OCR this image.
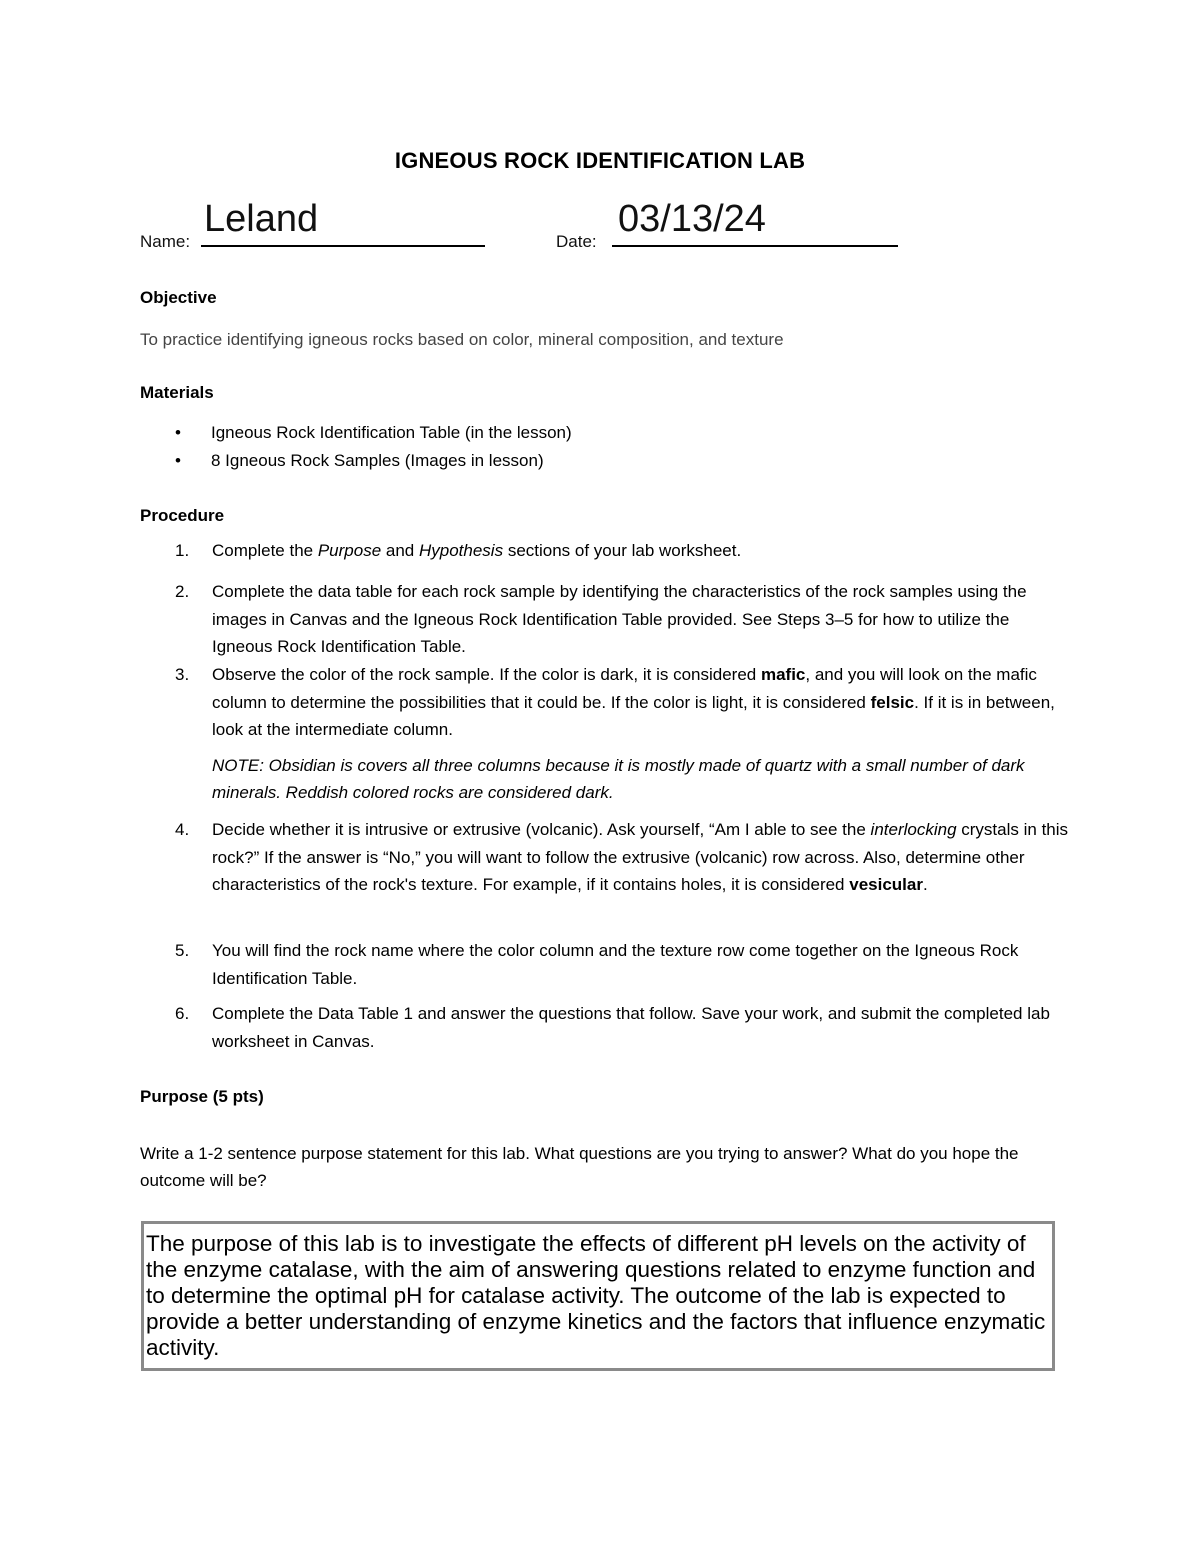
IGNEOUS ROCK IDENTIFICATION LAB
Name:
Leland
Date:
03/13/24
Objective
To practice identifying igneous rocks based on color, mineral composition, and texture
Materials
• Igneous Rock Identification Table (in the lesson)
• 8 Igneous Rock Samples (Images in lesson)
Procedure
1.	Complete the Purpose and Hypothesis sections of your lab worksheet.
2.	Complete the data table for each rock sample by identifying the characteristics of the rock samples using the images in Canvas and the Igneous Rock Identification Table provided. See Steps 3–5 for how to utilize the Igneous Rock Identification Table.
3.	Observe the color of the rock sample. If the color is dark, it is considered mafic, and you will look on the mafic column to determine the possibilities that it could be. If the color is light, it is considered felsic. If it is in between, look at the intermediate column.
NOTE: Obsidian is covers all three columns because it is mostly made of quartz with a small number of dark minerals. Reddish colored rocks are considered dark.
4.	Decide whether it is intrusive or extrusive (volcanic). Ask yourself, “Am I able to see the interlocking crystals in this rock?” If the answer is “No,” you will want to follow the extrusive (volcanic) row across. Also, determine other characteristics of the rock's texture. For example, if it contains holes, it is considered vesicular.
5.	You will find the rock name where the color column and the texture row come together on the Igneous Rock Identification Table.
6.	Complete the Data Table 1 and answer the questions that follow. Save your work, and submit the completed lab worksheet in Canvas.
Purpose (5 pts)
Write a 1-2 sentence purpose statement for this lab. What questions are you trying to answer? What do you hope the outcome will be?
The purpose of this lab is to investigate the effects of different pH levels on the activity of the enzyme catalase, with the aim of answering questions related to enzyme function and to determine the optimal pH for catalase activity. The outcome of the lab is expected to provide a better understanding of enzyme kinetics and the factors that influence enzymatic activity.
